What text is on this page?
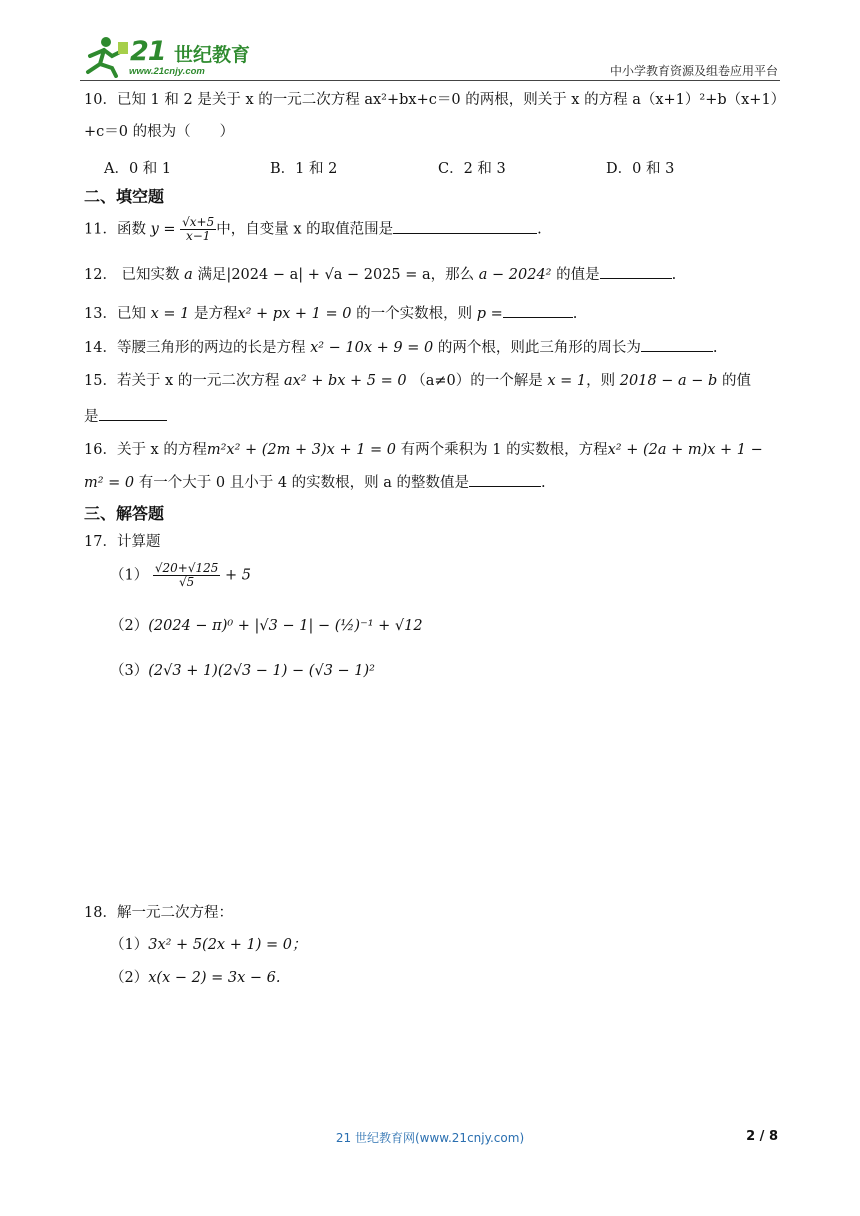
21 世纪教育
www.21cnjy.com	中小学教育资源及组卷应用平台
10．已知 1 和 2 是关于 x 的一元二次方程 ax²+bx+c＝0 的两根，则关于 x 的方程 a（x+1）²+b（x+1）
+c＝0 的根为（　　）
A．0 和 1	B．1 和 2	C．2 和 3	D．0 和 3
二、填空题
11．函数 $y = \frac{√x+5}{x-1}$ 中，自变量 x 的取值范围是	.
12． 已知实数 a 满足|2024 − a| + √a − 2025 = a，那么 a − 2024² 的值是	.
13．已知 x = 1 是方程x² + px + 1 = 0 的一个实数根，则 p =	.
14．等腰三角形的两边的长是方程 x² − 10x + 9 = 0 的两个根，则此三角形的周长为	.
15．若关于 x 的一元二次方程 ax² + bx + 5 = 0 （a≠0）的一个解是 x = 1，则 2018 − a − b 的值
是
16．关于 x 的方程m²x² + (2m + 3)x + 1 = 0 有两个乘积为 1 的实数根，方程x² + (2a + m)x + 1 −
m² = 0 有一个大于 0 且小于 4 的实数根，则 a 的整数值是	.
三、解答题
17．计算题
$(1) \frac{√20+√125}{√5} + 5$
（2）(2024 − π)⁰ + |√3 − 1| − (½)⁻¹ + √12
（3）(2√3 + 1)(2√3 − 1) − (√3 − 1)²
18．解一元二次方程：
（1）3x² + 5(2x + 1) = 0；
（2）x(x − 2) = 3x − 6.
21 世纪教育网(www.21cnjy.com)	2 / 8
